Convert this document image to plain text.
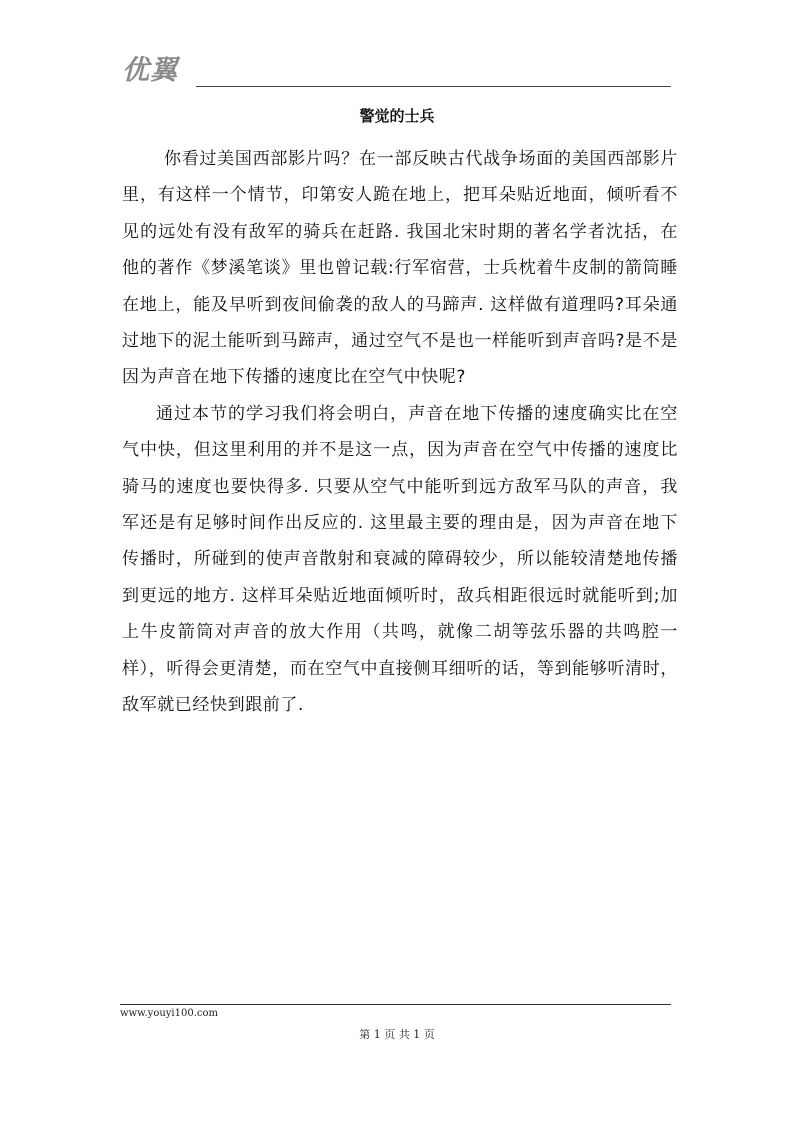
优翼
警觉的士兵

你看过美国西部影片吗？在一部反映古代战争场面的美国西部影片里，有这样一个情节，印第安人跪在地上，把耳朵贴近地面，倾听看不见的远处有没有敌军的骑兵在赶路. 我国北宋时期的著名学者沈括，在他的著作《梦溪笔谈》里也曾记载:行军宿营，士兵枕着牛皮制的箭筒睡在地上，能及早听到夜间偷袭的敌人的马蹄声. 这样做有道理吗?耳朵通过地下的泥土能听到马蹄声，通过空气不是也一样能听到声音吗?是不是因为声音在地下传播的速度比在空气中快呢?

通过本节的学习我们将会明白，声音在地下传播的速度确实比在空气中快，但这里利用的并不是这一点，因为声音在空气中传播的速度比骑马的速度也要快得多. 只要从空气中能听到远方敌军马队的声音，我军还是有足够时间作出反应的. 这里最主要的理由是，因为声音在地下传播时，所碰到的使声音散射和衰减的障碍较少，所以能较清楚地传播到更远的地方. 这样耳朵贴近地面倾听时，敌兵相距很远时就能听到;加上牛皮箭筒对声音的放大作用（共鸣，就像二胡等弦乐器的共鸣腔一样），听得会更清楚，而在空气中直接侧耳细听的话，等到能够听清时，敌军就已经快到跟前了.

www.youyi100.com
第 1 页 共 1 页
